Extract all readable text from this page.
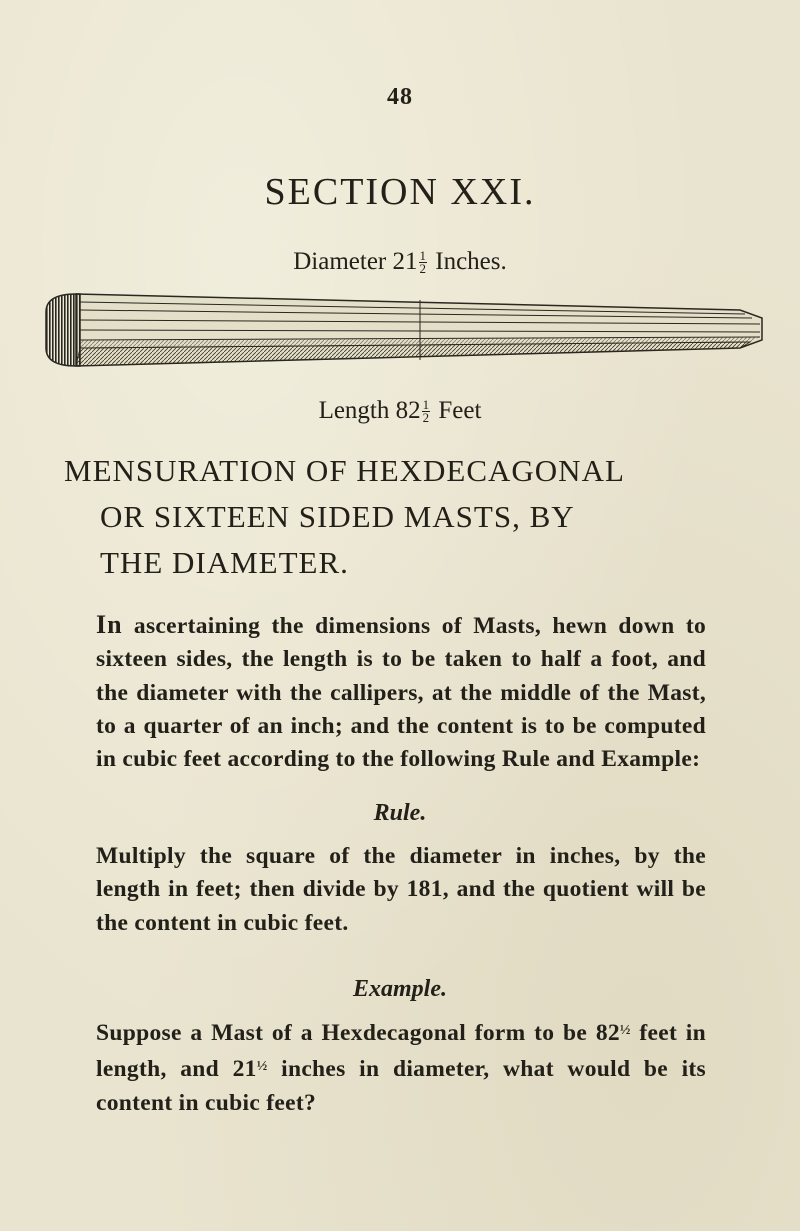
48
SECTION XXI.
Diameter $21 \frac{1}{2}$ Inches.
Length $82 \frac{1}{2}$ Feet
MENSURATION OF HEXDECAGONAL
OR SIXTEEN SIDED MASTS, BY
THE DIAMETER.
In ascertaining the dimensions of Masts, hewn down to sixteen sides, the length is to be taken to half a foot, and the diameter with the callipers, at the middle of the Mast, to a quarter of an inch; and the content is to be computed in cubic feet according to the following Rule and Example:
Rule.
Multiply the square of the diameter in inches, by the length in feet; then divide by 181, and the quotient will be the content in cubic feet.
Example.
Suppose a Mast of a Hexdecagonal form to be $82^{\frac{1}{2}}$ feet in length, and $21^{\frac{1}{2}}$ inches in diameter, what would be its content in cubic feet?
